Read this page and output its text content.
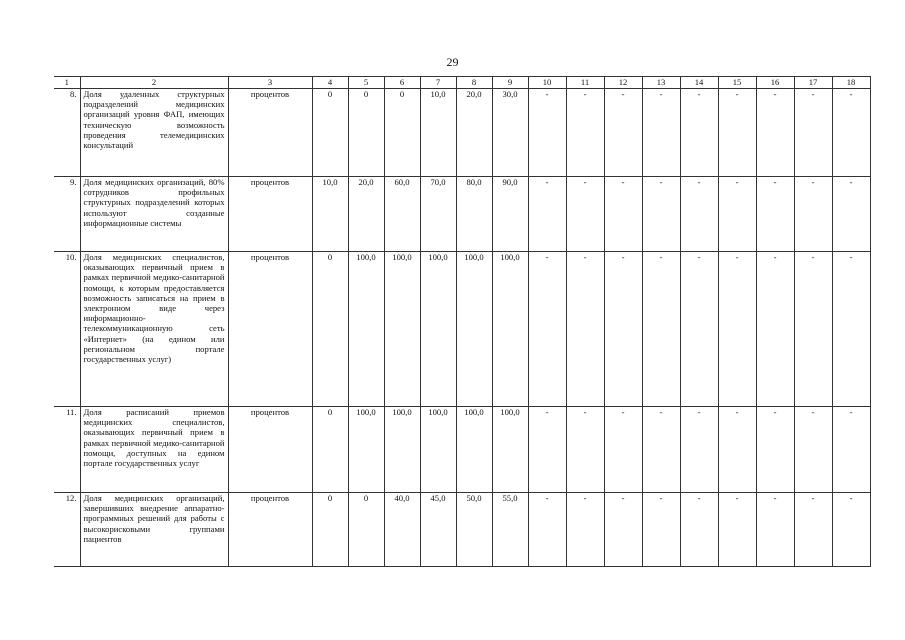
29
1	2	3	4	5	6	7	8	9	10	11	12	13	14	15	16	17	18
8.	Доля удаленных структурных подразделений медицинских организаций уровня ФАП, имеющих техническую возможность проведения телемедицинских консультаций	процентов	0	0	0	10,0	20,0	30,0	-	-	-	-	-	-	-	-	-
9.	Доля медицинских организаций, 80% сотрудников профильных структурных подразделений которых используют созданные информационные системы	процентов	10,0	20,0	60,0	70,0	80,0	90,0	-	-	-	-	-	-	-	-	-
10.	Доля медицинских специалистов, оказывающих первичный прием в рамках первичной медико-санитарной помощи, к которым предоставляется возможность записаться на прием в электронном виде через информационно-телекоммуникационную сеть «Интернет» (на едином или региональном портале государственных услуг)	процентов	0	100,0	100,0	100,0	100,0	100,0	-	-	-	-	-	-	-	-	-
11.	Доля расписаний приемов медицинских специалистов, оказывающих первичный прием в рамках первичной медико-санитарной помощи, доступных на едином портале государственных услуг	процентов	0	100,0	100,0	100,0	100,0	100,0	-	-	-	-	-	-	-	-	-
12.	Доля медицинских организаций, завершивших внедрение аппаратно-программных решений для работы с высокорисковыми группами пациентов	процентов	0	0	40,0	45,0	50,0	55,0	-	-	-	-	-	-	-	-	-
